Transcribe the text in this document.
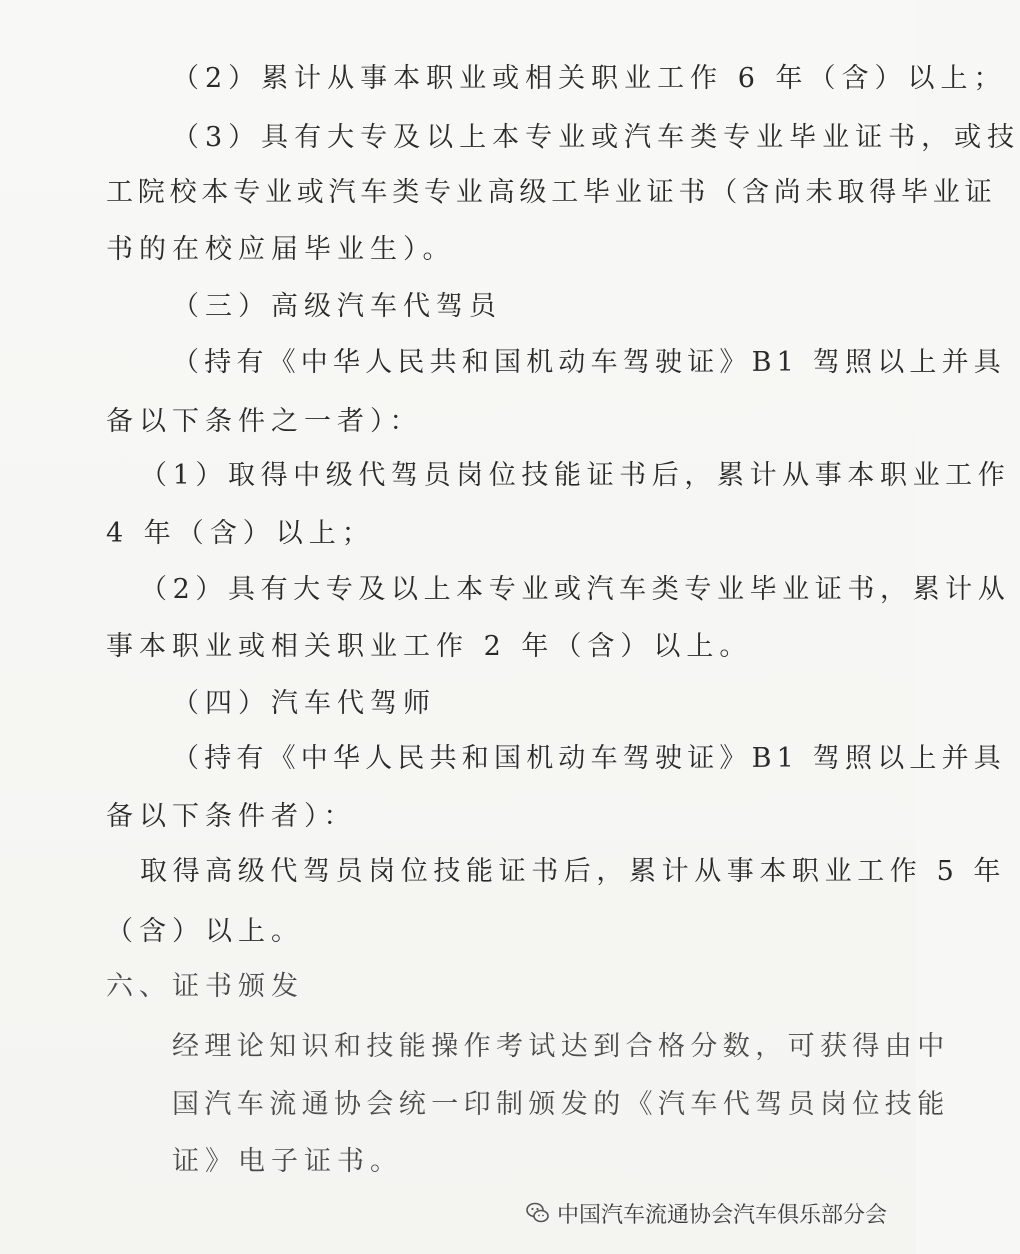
（2）累计从事本职业或相关职业工作 6 年（含）以上；
（3）具有大专及以上本专业或汽车类专业毕业证书，或技
工院校本专业或汽车类专业高级工毕业证书（含尚未取得毕业证
书的在校应届毕业生）。
（三）高级汽车代驾员
（持有《中华人民共和国机动车驾驶证》B1 驾照以上并具
备以下条件之一者）：
（1）取得中级代驾员岗位技能证书后，累计从事本职业工作
4 年（含）以上；
（2）具有大专及以上本专业或汽车类专业毕业证书，累计从
事本职业或相关职业工作 2 年（含）以上。
（四）汽车代驾师
（持有《中华人民共和国机动车驾驶证》B1 驾照以上并具
备以下条件者）：
取得高级代驾员岗位技能证书后，累计从事本职业工作 5 年
（含）以上。
六、证书颁发
经理论知识和技能操作考试达到合格分数，可获得由中
国汽车流通协会统一印制颁发的《汽车代驾员岗位技能
证》电子证书。
中国汽车流通协会汽车俱乐部分会
